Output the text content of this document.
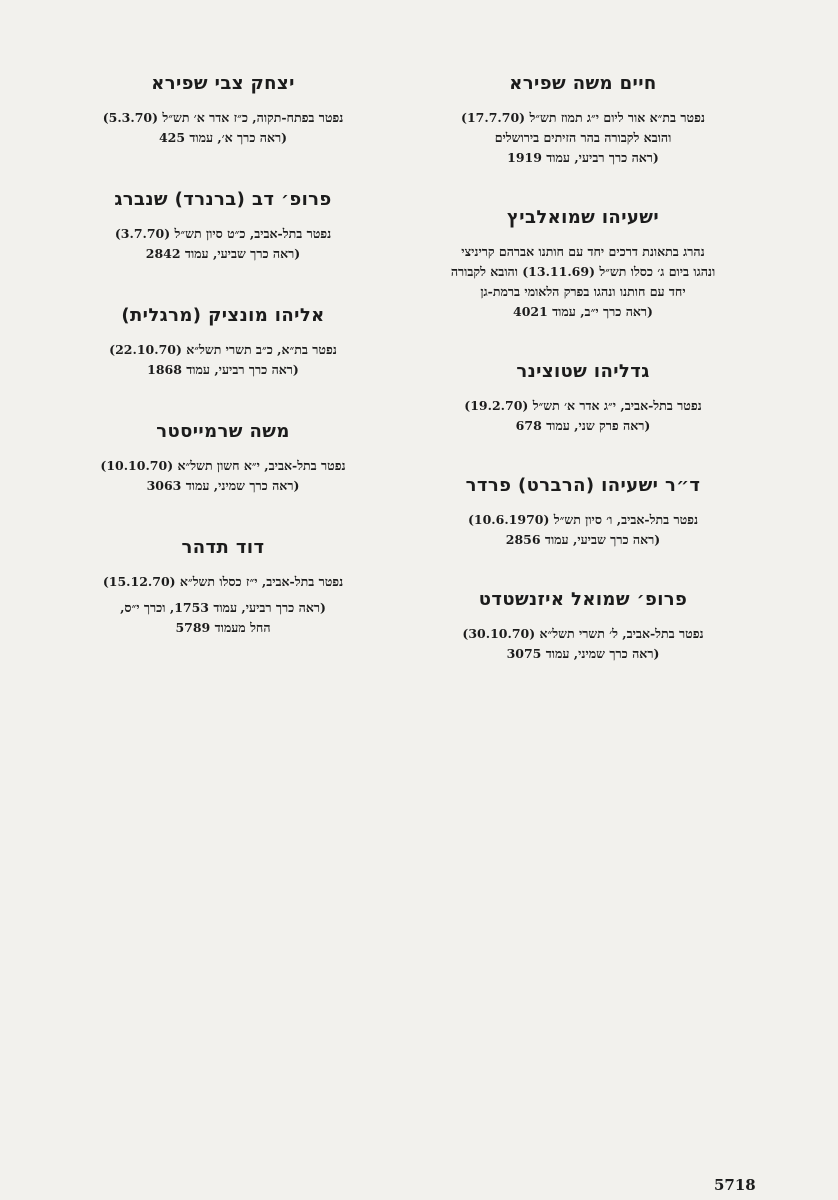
חיים משה שפירא
נפטר בת״א אור ליום י״ג תמוז תש״ל (17.7.70)
והובא לקבורה בהר הזיתים בירושלים
(ראה כרך רביעי, עמוד 1919
ישעיהו שמואלביץ
נהרג בתאונת דרכים יחד עם חותנו אברהם קריניצי
ונהגו ביום ג׳ כסלו תש״ל (13.11.69) והובא לקבורה
יחד עם חותנו ונהגו בפרק הלאומי ברמת-גן
(ראה כרך י״ב, עמוד 4021
גדליהו שטוצינר
נפטר בתל-אביב, י״ג אדר א׳ תש״ל (19.2.70)
(ראה פרק שני, עמוד 678
ד״ר ישעיהו (הרברט) פרדר
נפטר בתל-אביב, ו׳ סיון תש״ל (10.6.1970)
(ראה כרך שביעי, עמוד 2856
פרופ׳ שמואל איזנשטדט
נפטר בתל-אביב, ל׳ תשרי תשל״א (30.10.70)
(ראה כרך שמיני, עמוד 3075
יצחק צבי שפירא
נפטר בפתח-תקוה, כ״ז אדר א׳ תש״ל (5.3.70)
(ראה כרך א׳, עמוד 425
פרופ׳ דב (ברנרד) שנברג
נפטר בתל-אביב, כ״ט סיון תש״ל (3.7.70)
(ראה כרך שביעי, עמוד 2842
אליהו מונציק (מרגלית)
נפטר בת״א, כ״ב תשרי תשל״א (22.10.70)
(ראה כרך רביעי, עמוד 1868
משה שרמייסטר
נפטר בתל-אביב, י״א חשון תשל״א (10.10.70)
(ראה כרך שמיני, עמוד 3063
דוד תדהר
נפטר בתל-אביב, י״ז כסלו תשל״א (15.12.70)
(ראה כרך רביעי, עמוד 1753, וכרך י״ס,
החל מעמוד 5789
5718
